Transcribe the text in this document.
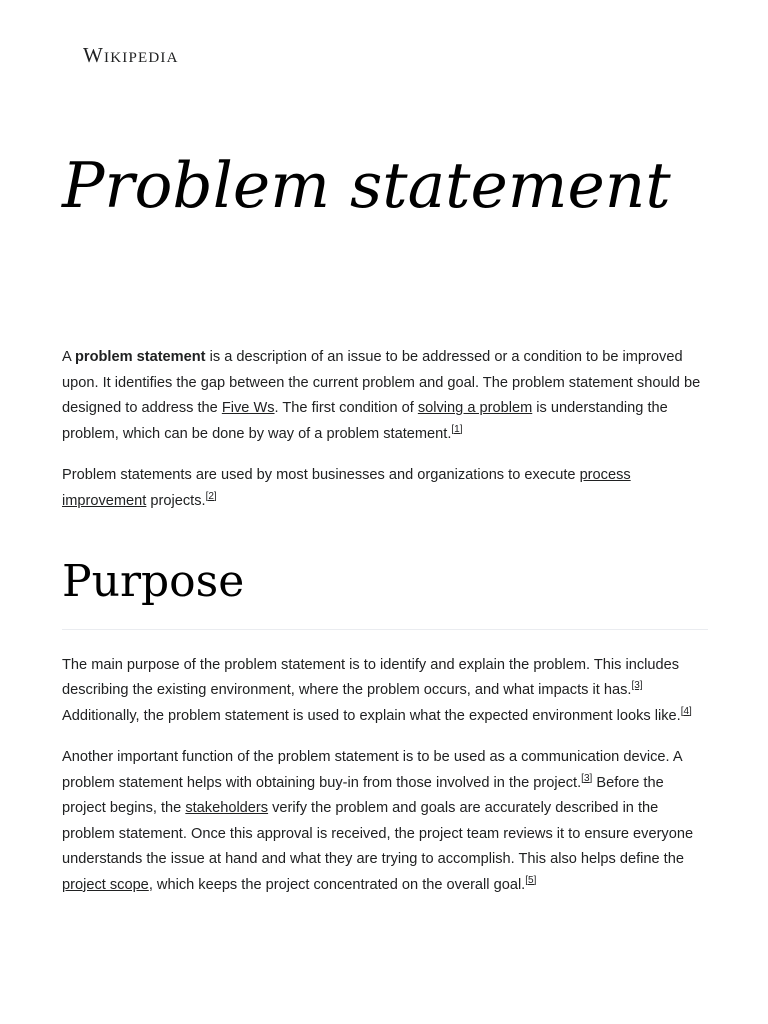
Wikipedia
Problem statement

A problem statement is a description of an issue to be addressed or a condition to be improved upon. It identifies the gap between the current problem and goal. The problem statement should be designed to address the Five Ws. The first condition of solving a problem is understanding the problem, which can be done by way of a problem statement.[1]

Problem statements are used by most businesses and organizations to execute process improvement projects.[2]

Purpose

The main purpose of the problem statement is to identify and explain the problem. This includes describing the existing environment, where the problem occurs, and what impacts it has.[3] Additionally, the problem statement is used to explain what the expected environment looks like.[4]

Another important function of the problem statement is to be used as a communication device. A problem statement helps with obtaining buy-in from those involved in the project.[3] Before the project begins, the stakeholders verify the problem and goals are accurately described in the problem statement. Once this approval is received, the project team reviews it to ensure everyone understands the issue at hand and what they are trying to accomplish. This also helps define the project scope, which keeps the project concentrated on the overall goal.[5]
